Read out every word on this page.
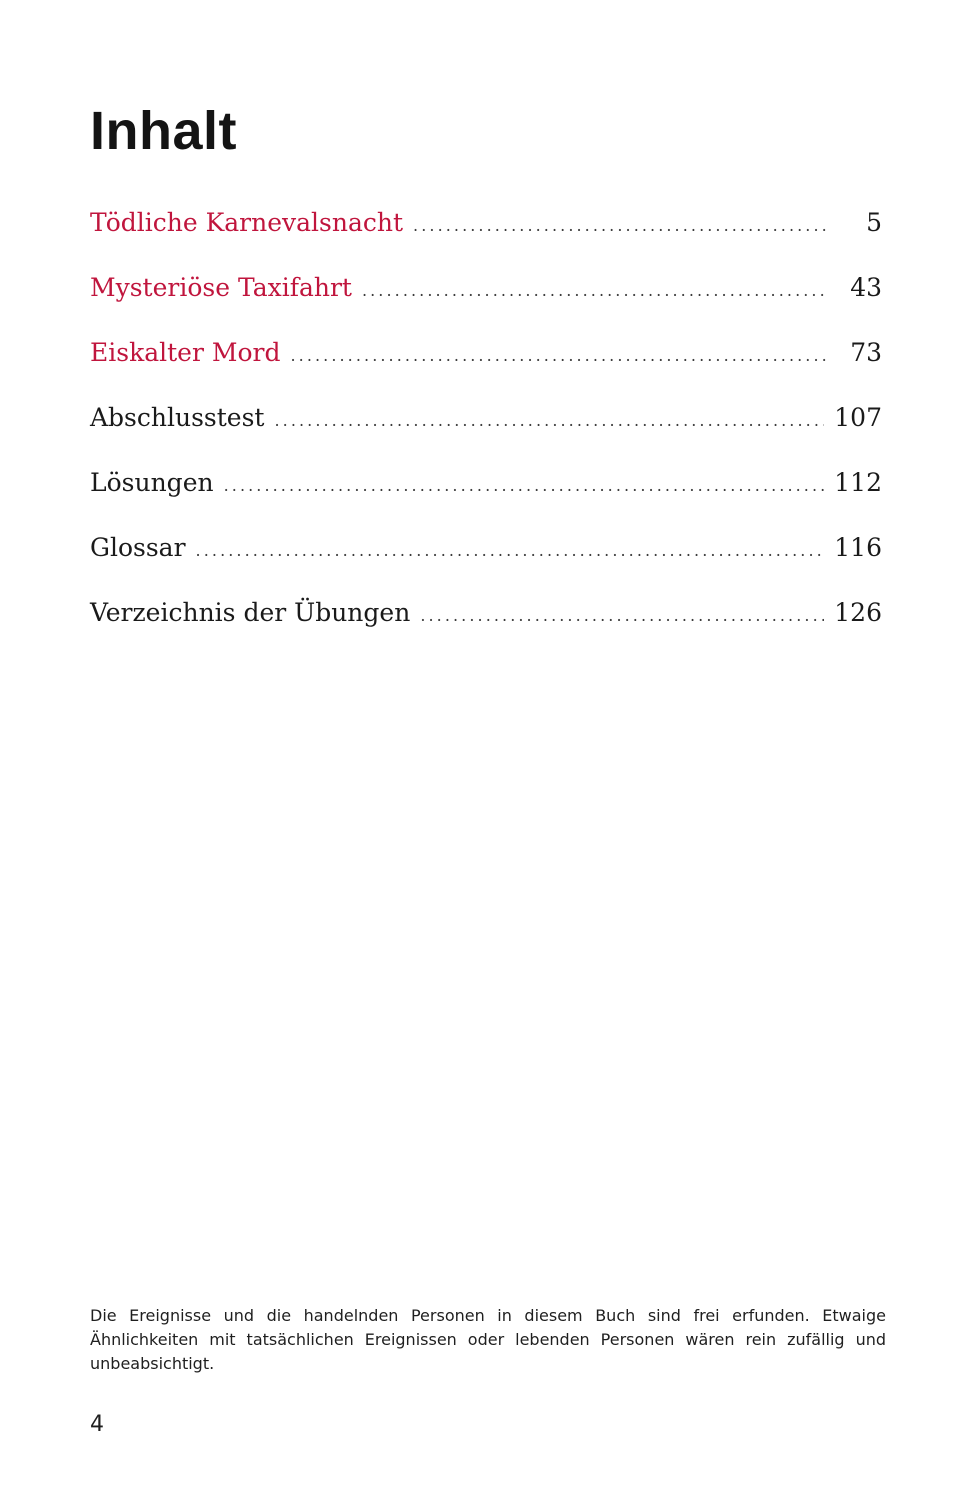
Inhalt
Tödliche Karnevalsnacht . . .	5
Mysteriöse Taxifahrt . . .	43
Eiskalter Mord . . .	73
Abschlusstest . . .	107
Lösungen . . .	112
Glossar . . .	116
Verzeichnis der Übungen . . .	126

Die Ereignisse und die handelnden Personen in diesem Buch sind frei erfunden. Etwaige Ähnlichkeiten mit tatsächlichen Ereignissen oder lebenden Personen wären rein zufällig und unbeabsichtigt.

4
